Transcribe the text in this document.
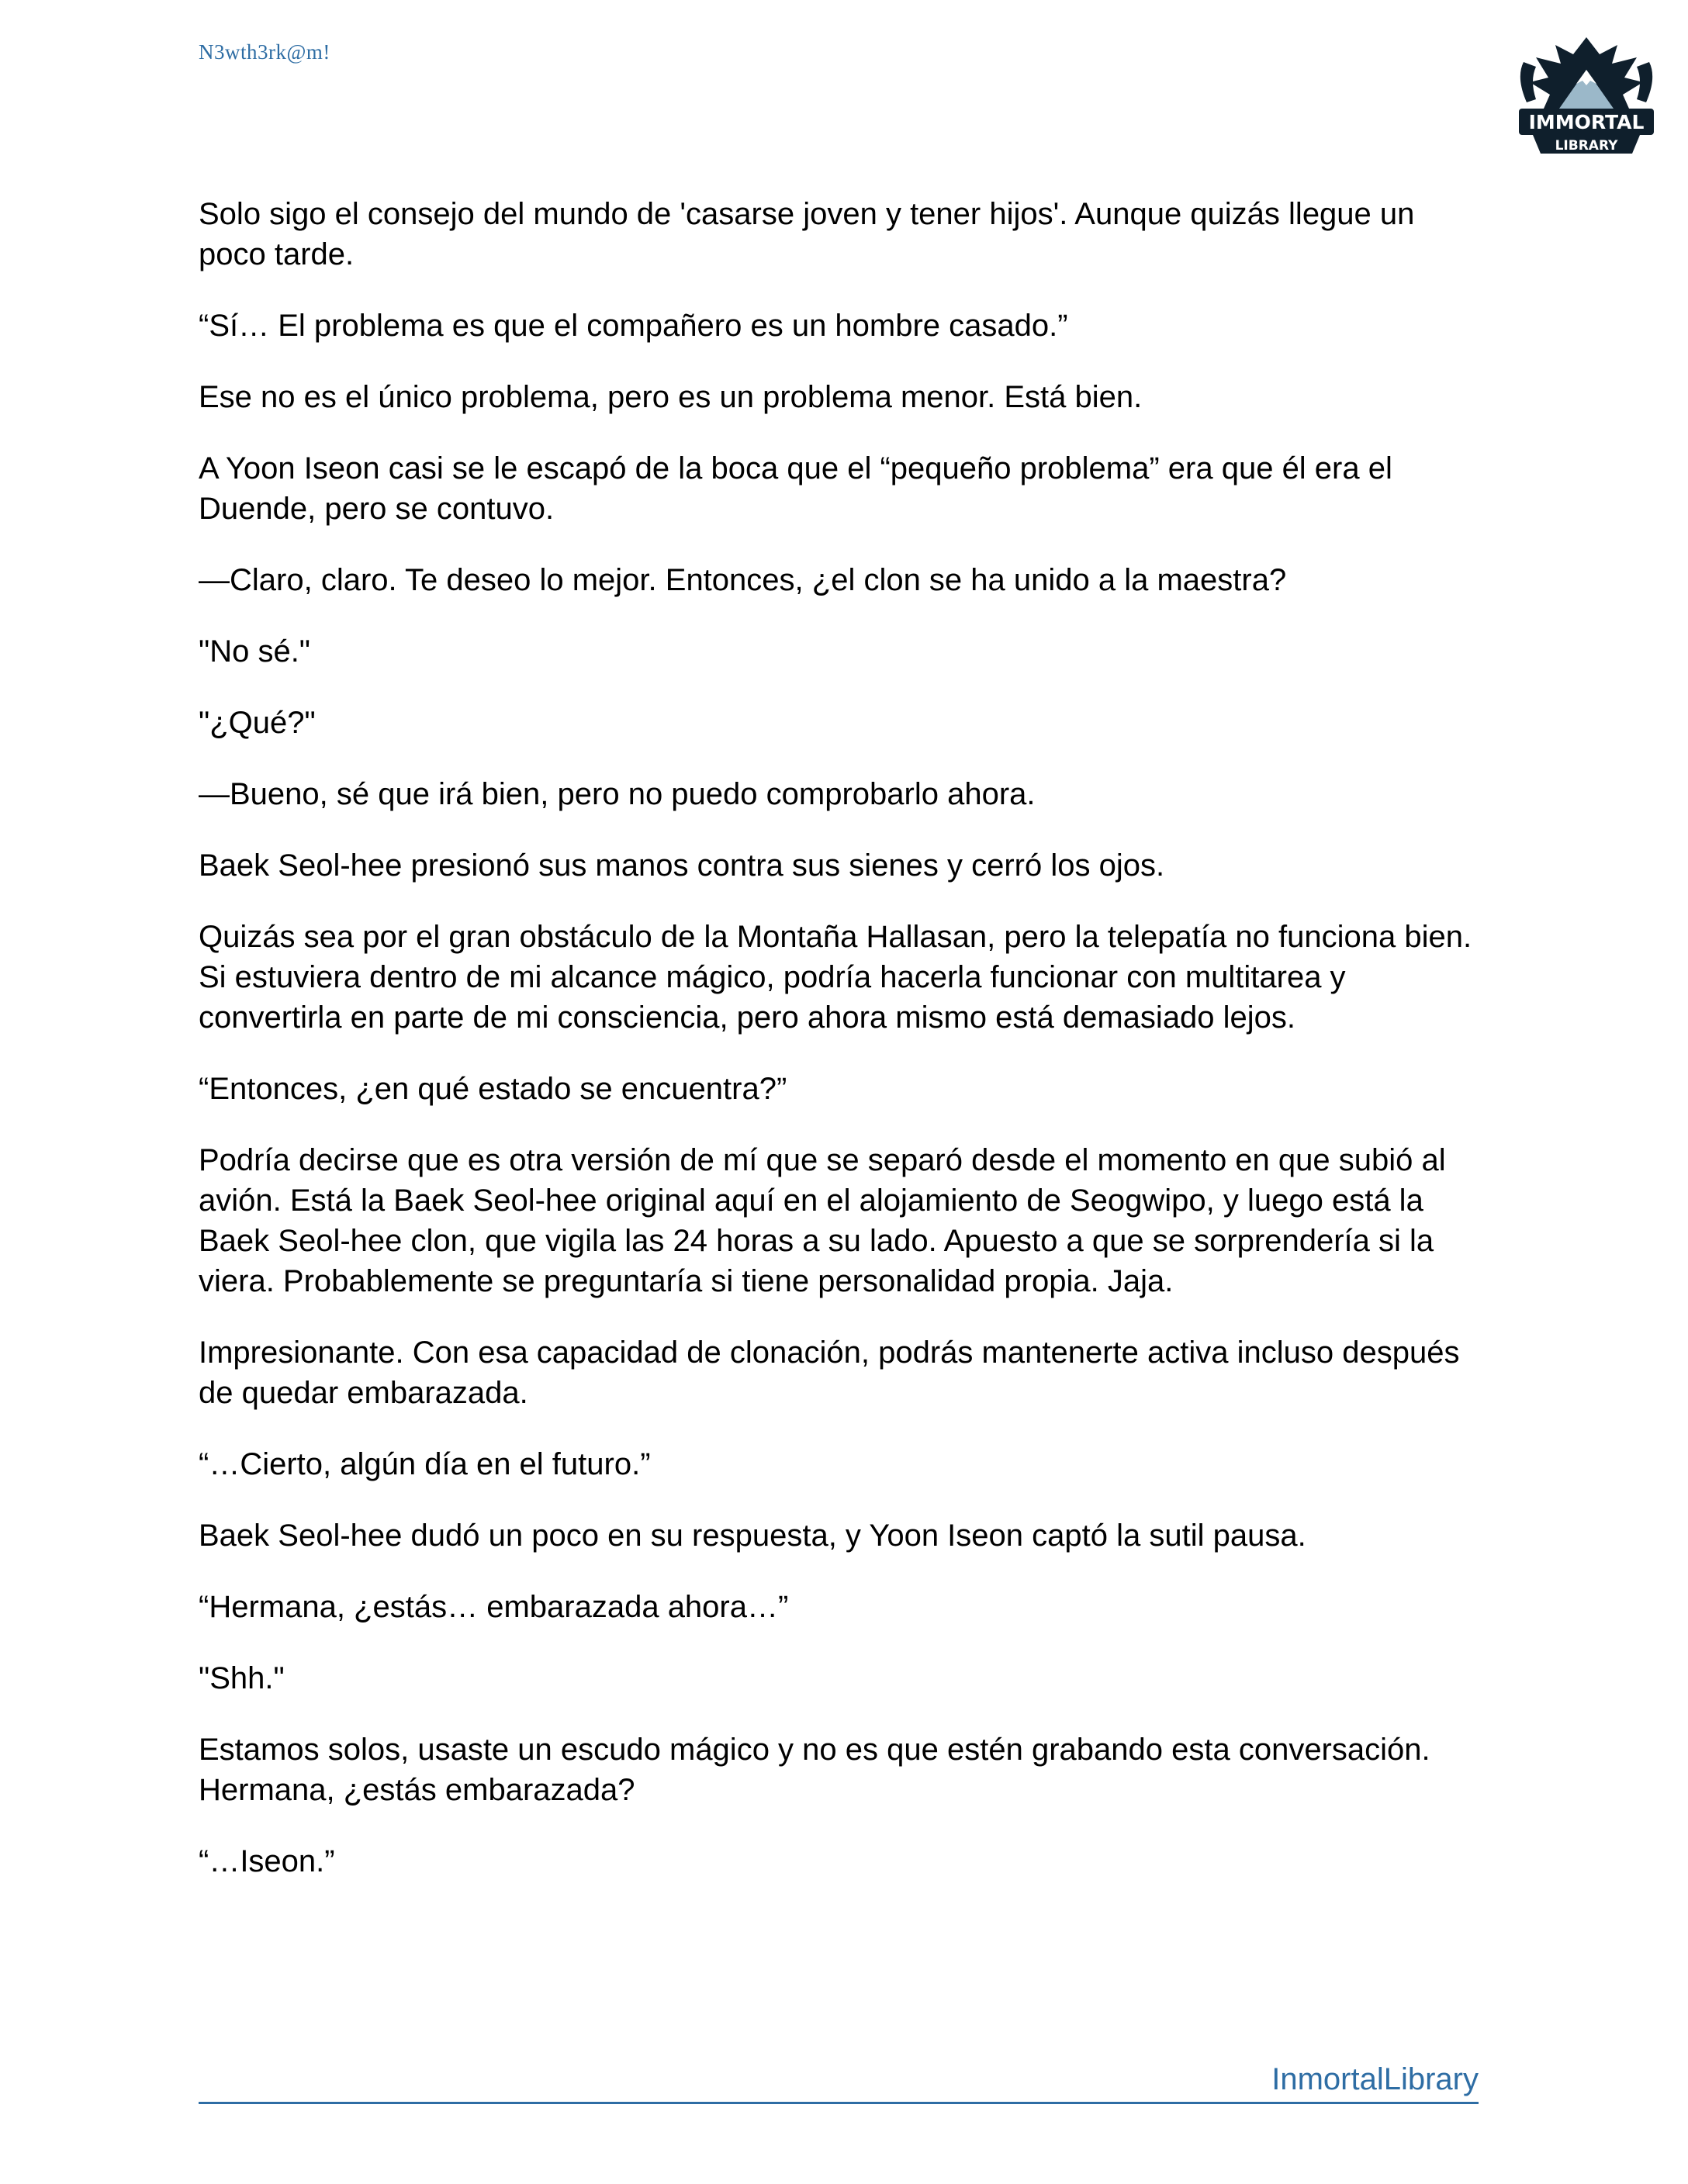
N3wth3rk@m!
IMMORTAL
LIBRARY

Solo sigo el consejo del mundo de 'casarse joven y tener hijos'. Aunque quizás llegue un poco tarde.

“Sí… El problema es que el compañero es un hombre casado.”

Ese no es el único problema, pero es un problema menor. Está bien.

A Yoon Iseon casi se le escapó de la boca que el “pequeño problema” era que él era el Duende, pero se contuvo.

—Claro, claro. Te deseo lo mejor. Entonces, ¿el clon se ha unido a la maestra?

"No sé."

"¿Qué?"

—Bueno, sé que irá bien, pero no puedo comprobarlo ahora.

Baek Seol-hee presionó sus manos contra sus sienes y cerró los ojos.

Quizás sea por el gran obstáculo de la Montaña Hallasan, pero la telepatía no funciona bien. Si estuviera dentro de mi alcance mágico, podría hacerla funcionar con multitarea y convertirla en parte de mi consciencia, pero ahora mismo está demasiado lejos.

“Entonces, ¿en qué estado se encuentra?”

Podría decirse que es otra versión de mí que se separó desde el momento en que subió al avión. Está la Baek Seol-hee original aquí en el alojamiento de Seogwipo, y luego está la Baek Seol-hee clon, que vigila las 24 horas a su lado. Apuesto a que se sorprendería si la viera. Probablemente se preguntaría si tiene personalidad propia. Jaja.

Impresionante. Con esa capacidad de clonación, podrás mantenerte activa incluso después de quedar embarazada.

“…Cierto, algún día en el futuro.”

Baek Seol-hee dudó un poco en su respuesta, y Yoon Iseon captó la sutil pausa.

“Hermana, ¿estás… embarazada ahora…”

"Shh."

Estamos solos, usaste un escudo mágico y no es que estén grabando esta conversación. Hermana, ¿estás embarazada?

“…Iseon.”

InmortalLibrary
